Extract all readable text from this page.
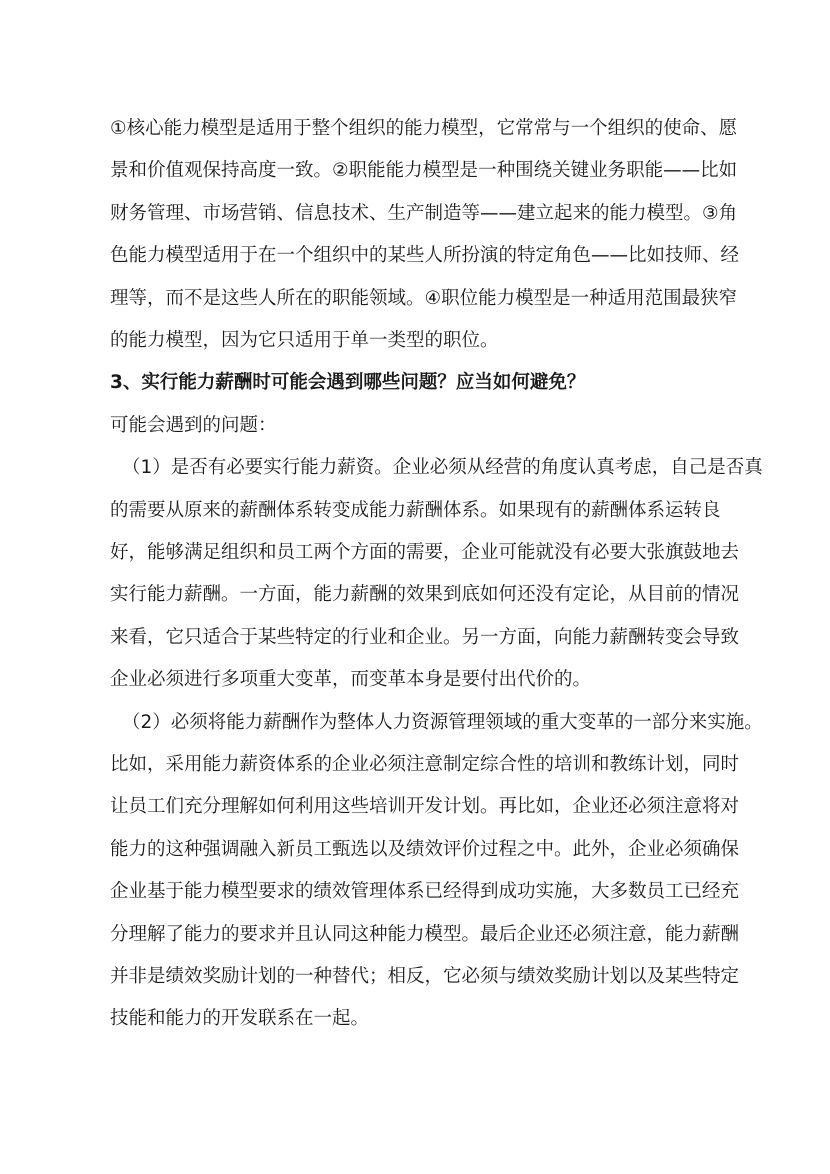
①核心能力模型是适用于整个组织的能力模型，它常常与一个组织的使命、愿
景和价值观保持高度一致。②职能能力模型是一种围绕关键业务职能——比如
财务管理、市场营销、信息技术、生产制造等——建立起来的能力模型。③角
色能力模型适用于在一个组织中的某些人所扮演的特定角色——比如技师、经
理等，而不是这些人所在的职能领域。④职位能力模型是一种适用范围最狭窄
的能力模型，因为它只适用于单一类型的职位。
3、实行能力薪酬时可能会遇到哪些问题？应当如何避免？
可能会遇到的问题：
（1）是否有必要实行能力薪资。企业必须从经营的角度认真考虑，自己是否真
的需要从原来的薪酬体系转变成能力薪酬体系。如果现有的薪酬体系运转良
好，能够满足组织和员工两个方面的需要，企业可能就没有必要大张旗鼓地去
实行能力薪酬。一方面，能力薪酬的效果到底如何还没有定论，从目前的情况
来看，它只适合于某些特定的行业和企业。另一方面，向能力薪酬转变会导致
企业必须进行多项重大变革，而变革本身是要付出代价的。
（2）必须将能力薪酬作为整体人力资源管理领域的重大变革的一部分来实施。
比如，采用能力薪资体系的企业必须注意制定综合性的培训和教练计划，同时
让员工们充分理解如何利用这些培训开发计划。再比如，企业还必须注意将对
能力的这种强调融入新员工甄选以及绩效评价过程之中。此外，企业必须确保
企业基于能力模型要求的绩效管理体系已经得到成功实施，大多数员工已经充
分理解了能力的要求并且认同这种能力模型。最后企业还必须注意，能力薪酬
并非是绩效奖励计划的一种替代；相反，它必须与绩效奖励计划以及某些特定
技能和能力的开发联系在一起。
